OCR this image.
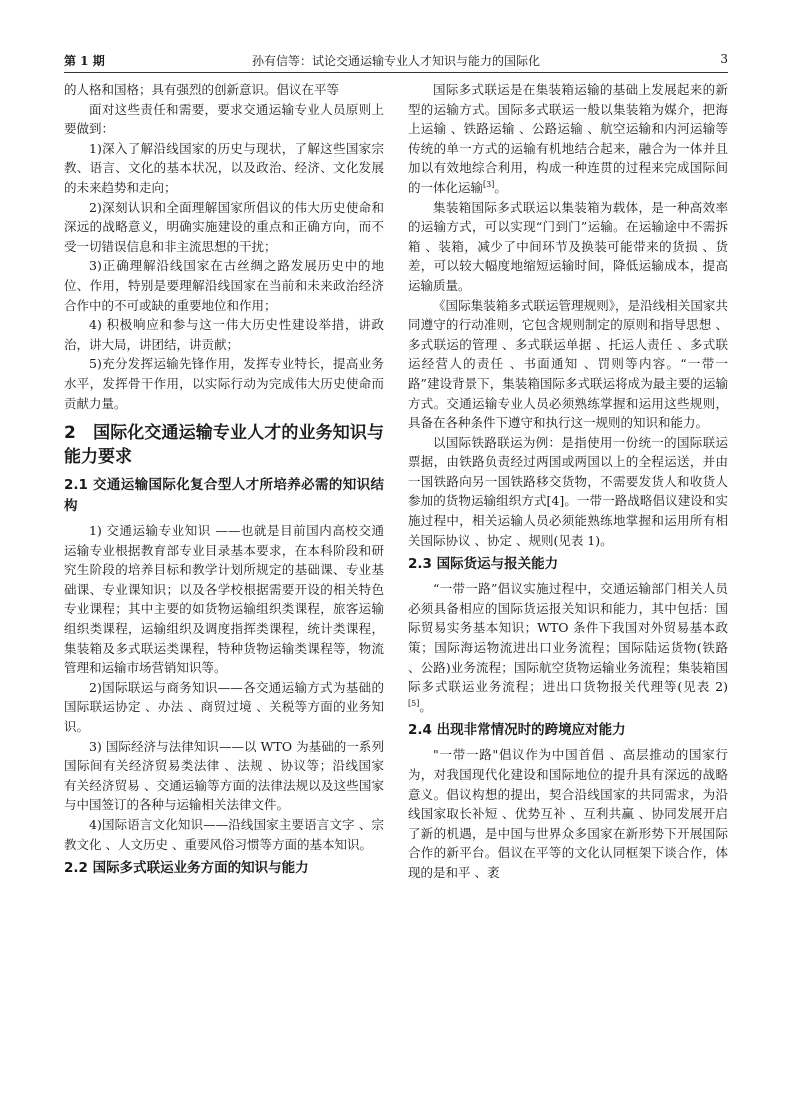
第 1 期	孙有信等：试论交通运输专业人才知识与能力的国际化	3

的人格和国格；具有强烈的创新意识。倡议在平等

面对这些责任和需要，要求交通运输专业人员原则上要做到：

1)深入了解沿线国家的历史与现状，了解这些国家宗教、语言、文化的基本状况，以及政治、经济、文化发展的未来趋势和走向；

2)深刻认识和全面理解国家所倡议的伟大历史使命和深远的战略意义，明确实施建设的重点和正确方向，而不受一切错误信息和非主流思想的干扰；

3)正确理解沿线国家在古丝绸之路发展历史中的地位、作用，特别是要理解沿线国家在当前和未来政治经济合作中的不可或缺的重要地位和作用；

4) 积极响应和参与这一伟大历史性建设举措，讲政治，讲大局，讲团结，讲贡献；

5)充分发挥运输先锋作用，发挥专业特长，提高业务水平，发挥骨干作用，以实际行动为完成伟大历史使命而贡献力量。

2　国际化交通运输专业人才的业务知识与能力要求
2.1 交通运输国际化复合型人才所培养必需的知识结构

1) 交通运输专业知识 ——也就是目前国内高校交通运输专业根据教育部专业目录基本要求，在本科阶段和研究生阶段的培养目标和教学计划所规定的基础课、专业基础课、专业课知识；以及各学校根据需要开设的相关特色专业课程；其中主要的如货物运输组织类课程，旅客运输组织类课程，运输组织及调度指挥类课程，统计类课程，集装箱及多式联运类课程，特种货物运输类课程等，物流管理和运输市场营销知识等。

2)国际联运与商务知识——各交通运输方式为基础的国际联运协定 、办法 、商贸过境 、关税等方面的业务知识。

3) 国际经济与法律知识——以 WTO 为基础的一系列国际间有关经济贸易类法律 、法规 、协议等；沿线国家有关经济贸易 、交通运输等方面的法律法规以及这些国家与中国签订的各种与运输相关法律文件。

4)国际语言文化知识——沿线国家主要语言文字 、宗教文化 、人文历史 、重要风俗习惯等方面的基本知识。

2.2 国际多式联运业务方面的知识与能力

国际多式联运是在集装箱运输的基础上发展起来的新型的运输方式。国际多式联运一般以集装箱为媒介，把海上运输 、铁路运输 、公路运输 、航空运输和内河运输等传统的单一方式的运输有机地结合起来，融合为一体并且加以有效地综合利用，构成一种连贯的过程来完成国际间的一体化运输[3]。

集装箱国际多式联运以集装箱为载体，是一种高效率的运输方式，可以实现“门到门”运输。在运输途中不需拆箱 、装箱，减少了中间环节及换装可能带来的货损 、货差，可以较大幅度地缩短运输时间，降低运输成本，提高运输质量。

《国际集装箱多式联运管理规则》，是沿线相关国家共同遵守的行动准则，它包含规则制定的原则和指导思想 、多式联运的管理 、多式联运单据 、托运人责任 、多式联运经营人的责任 、书面通知 、罚则等内容。“一带一路”建设背景下，集装箱国际多式联运将成为最主要的运输方式。交通运输专业人员必须熟练掌握和运用这些规则，具备在各种条件下遵守和执行这一规则的知识和能力。

以国际铁路联运为例：是指使用一份统一的国际联运票据，由铁路负责经过两国或两国以上的全程运送，并由一国铁路向另一国铁路移交货物，不需要发货人和收货人参加的货物运输组织方式[4]。一带一路战略倡议建设和实施过程中，相关运输人员必须能熟练地掌握和运用所有相关国际协议 、协定 、规则(见表 1)。

2.3 国际货运与报关能力

“一带一路”倡议实施过程中，交通运输部门相关人员必须具备相应的国际货运报关知识和能力，其中包括：国际贸易实务基本知识；WTO 条件下我国对外贸易基本政策；国际海运物流进出口业务流程；国际陆运货物(铁路 、公路)业务流程；国际航空货物运输业务流程；集装箱国际多式联运业务流程；进出口货物报关代理等(见表 2)[5]。

2.4 出现非常情况时的跨境应对能力

"一带一路"倡议作为中国首倡 、高层推动的国家行为，对我国现代化建设和国际地位的提升具有深远的战略意义。倡议构想的提出，契合沿线国家的共同需求，为沿线国家取长补短 、优势互补 、互利共赢 、协同发展开启了新的机遇，是中国与世界众多国家在新形势下开展国际合作的新平台。倡议在平等的文化认同框架下谈合作，体现的是和平 、袤
